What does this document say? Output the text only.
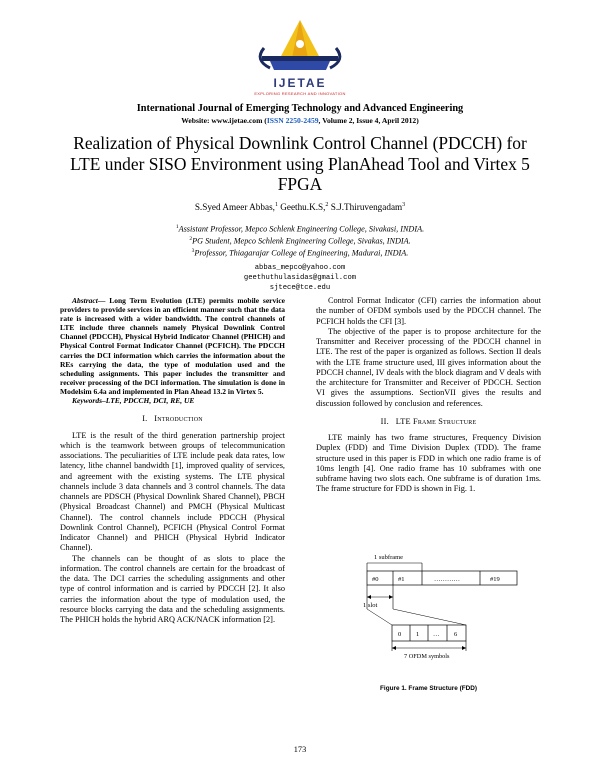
IJETAE
EXPLORING RESEARCH AND INNOVATION
International Journal of Emerging Technology and Advanced Engineering
Website: www.ijetae.com (ISSN 2250-2459, Volume 2, Issue 4, April 2012)
Realization of Physical Downlink Control Channel (PDCCH) for LTE under SISO Environment using PlanAhead Tool and Virtex 5 FPGA
S.Syed Ameer Abbas,$^1$ Geethu.K.S,$^2$ S.J.Thiruvengadam$^3$
$^1$Assistant Professor, Mepco Schlenk Engineering College, Sivakasi, INDIA.
$^2$PG Student, Mepco Schlenk Engineering College, Sivakas, INDIA.
$^3$Professor, Thiagarajar College of Engineering, Madurai, INDIA.
abbas_mepco@yahoo.com
geethuthulasidas@gmail.com
sjtece@tce.edu

Abstract— Long Term Evolution (LTE) permits mobile service providers to provide services in an efficient manner such that the data rate is increased with a wider bandwidth. The control channels of LTE include three channels namely Physical Downlink Control Channel (PDCCH), Physical Hybrid Indicator Channel (PHICH) and Physical Control Format Indicator Channel (PCFICH). The PDCCH carries the DCI information which carries the information about the REs carrying the data, the type of modulation used and the scheduling assignments. This paper includes the transmitter and receiver processing of the DCI information. The simulation is done in Modelsim 6.4a and implemented in Plan Ahead 13.2 in Virtex 5.

Keywords–LTE, PDCCH, DCI, RE, UE

I. Introduction

LTE is the result of the third generation partnership project which is the teamwork between groups of telecommunication associations. The peculiarities of LTE include peak data rates, low latency, lithe channel bandwidth [1], improved quality of services, and agreement with the existing systems. The LTE physical channels include 3 data channels and 3 control channels. The data channels are PDSCH (Physical Downlink Shared Channel), PBCH (Physical Broadcast Channel) and PMCH (Physical Multicast Channel). The control channels include PDCCH (Physical Downlink Control Channel), PCFICH (Physical Control Format Indicator Channel) and PHICH (Physical Hybrid Indicator Channel).

The channels can be thought of as slots to place the information. The control channels are certain for the broadcast of the data. The DCI carries the scheduling assignments and other type of control information and is carried by PDCCH [2]. It also carries the information about the type of modulation used, the resource blocks carrying the data and the scheduling assignments. The PHICH holds the hybrid ARQ ACK/NACK information [2].

Control Format Indicator (CFI) carries the information about the number of OFDM symbols used by the PDCCH channel. The PCFICH holds the CFI [3].

The objective of the paper is to propose architecture for the Transmitter and Receiver processing of the PDCCH channel in LTE. The rest of the paper is organized as follows. Section II deals with the LTE frame structure used, III gives information about the PDCCH channel, IV deals with the block diagram and V deals with the architecture for Transmitter and Receiver of PDCCH. Section VI gives the assumptions. SectionVII gives the results and discussion followed by conclusion and references.

II. LTE Frame Structure

LTE mainly has two frame structures, Frequency Division Duplex (FDD) and Time Division Duplex (TDD). The frame structure used in this paper is FDD in which one radio frame is of 10ms length [4]. One radio frame has 10 subframes with one subframe having two slots each. One subframe is of duration 1ms. The frame structure for FDD is shown in Fig. 1.

1 subframe
#0	#1	…………	#19
1 slot
0 1 … 6
7 OFDM symbols
Figure 1. Frame Structure (FDD)
173
